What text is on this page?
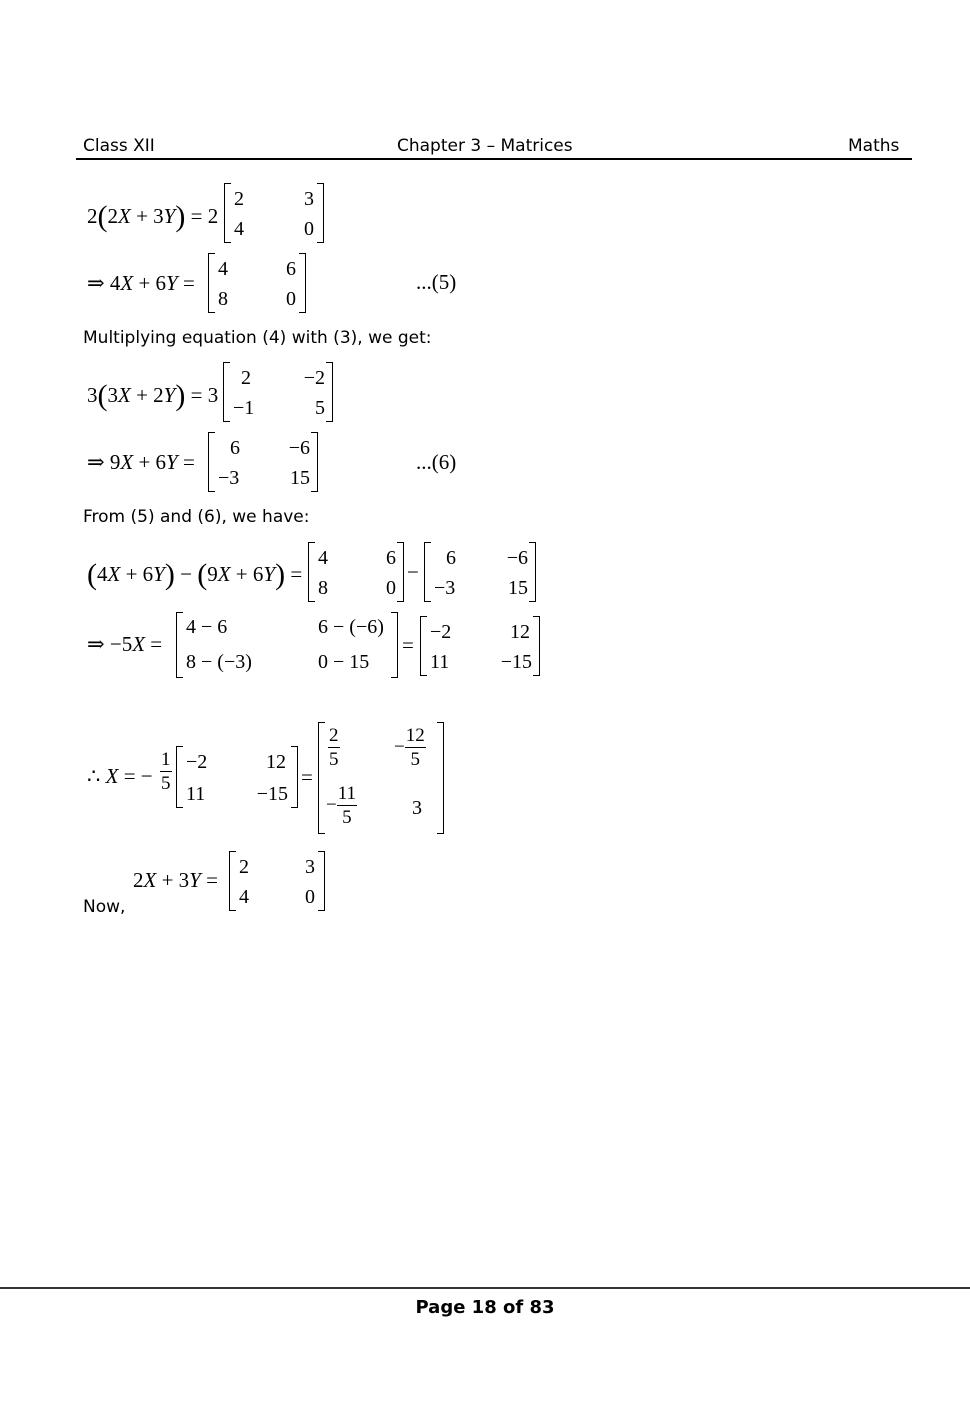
Class XII	Chapter 3 – Matrices	Maths
2(2X + 3Y) = 2
2	3
4	0
⇒ 4X + 6Y =
4	6
8	0
...(5)
Multiplying equation (4) with (3), we get:
3(3X + 2Y) = 3
2	−2
−1	5
⇒ 9X + 6Y =
6 −6
−3	15
...(6)
From (5) and (6), we have:
(4X + 6Y) − (9X + 6Y) =
4	6
8	0
−
6	−6
−3	15
⇒ −5X =
4 − 6	6 − (−6)
8 − (−3)	0 − 15
=
−2	12
11	−15
∴ X = − $\frac{1}{5} -2$	12
11	−15
=
$\frac{2}{5}$	− $\frac{12}{5}$
− $\frac{11}{5}$	3
2X + 3Y =
2	3
4	0
Now,
Page 18 of 83
